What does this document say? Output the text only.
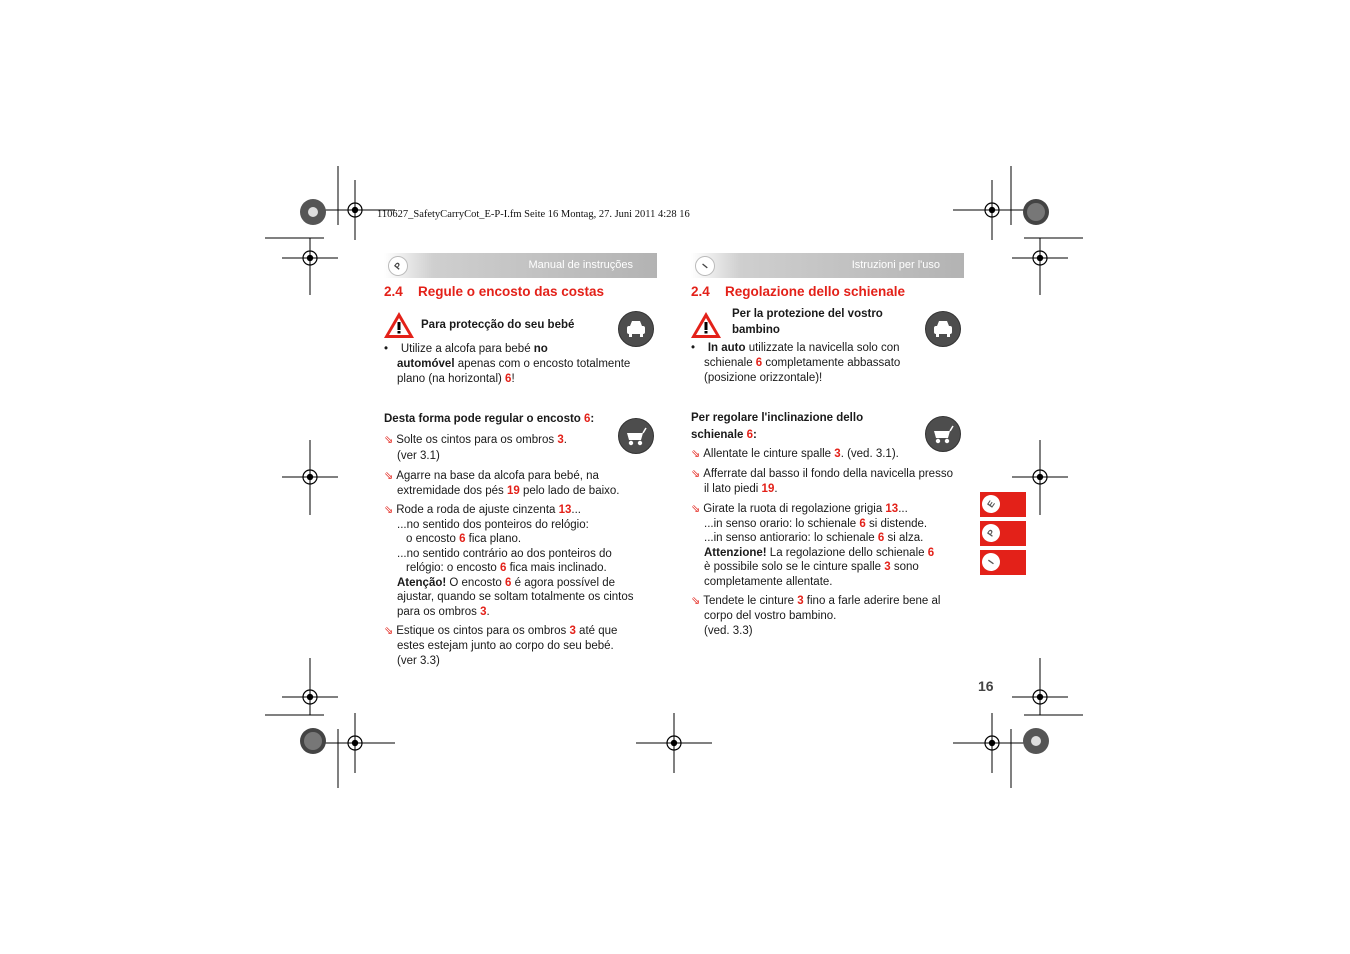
110627_SafetyCarryCot_E-P-I.fm Seite 16 Montag, 27. Juni 2011 4:28 16
P	Manual de instruções
2.4 Regule o encosto das costas
Para protecção do seu bebé
• Utilize a alcofa para bebé no
automóvel apenas com o encosto totalmente
plano (na horizontal) 6!
Desta forma pode regular o encosto 6:
⇘ Solte os cintos para os ombros 3.
(ver 3.1)
⇘ Agarre na base da alcofa para bebé, na
extremidade dos pés 19 pelo lado de baixo.
⇘ Rode a roda de ajuste cinzenta 13...
...no sentido dos ponteiros do relógio:
o encosto 6 fica plano.
...no sentido contrário ao dos ponteiros do
relógio: o encosto 6 fica mais inclinado.
Atenção! O encosto 6 é agora possível de
ajustar, quando se soltam totalmente os cintos
para os ombros 3.
⇘ Estique os cintos para os ombros 3 até que
estes estejam junto ao corpo do seu bebé.
(ver 3.3)
I	Istruzioni per l'uso
2.4 Regolazione dello schienale
Per la protezione del vostro
bambino
• In auto utilizzate la navicella solo con
schienale 6 completamente abbassato
(posizione orizzontale)!
Per regolare l'inclinazione dello
schienale 6:
⇘ Allentate le cinture spalle 3. (ved. 3.1).
⇘ Afferrate dal basso il fondo della navicella presso
il lato piedi 19.
⇘ Girate la ruota di regolazione grigia 13...
...in senso orario: lo schienale 6 si distende.
...in senso antiorario: lo schienale 6 si alza.
Attenzione! La regolazione dello schienale 6
è possibile solo se le cinture spalle 3 sono
completamente allentate.
⇘ Tendete le cinture 3 fino a farle aderire bene al
corpo del vostro bambino.
(ved. 3.3)
E
P
I
16
